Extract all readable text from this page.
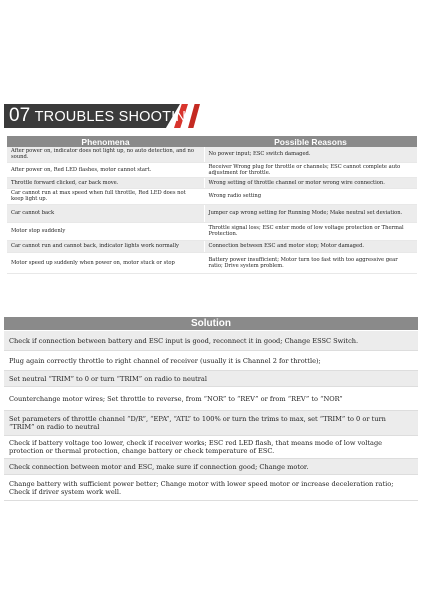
07 TROUBLES SHOOTIN
Phenomena	Possible Reasons
After power on, indicator does not light up, no auto detection, and no sound.	No power input; ESC switch damaged.
After power on, Red LED flashes, motor cannot start.	Receiver Wrong plug for throttle or channels; ESC cannot complete auto adjustment for throttle.
Throttle forward clicked, car back move.	Wrong setting of throttle channel or motor wrong wire connection.
Car cannot run at max speed when full throttle, Red LED does not keep light up.	Wrong radio setting
Car cannot back	Jumper cap wrong setting for Running Mode; Make neutral set deviation.
Motor stop suddenly	Throttle signal loss; ESC enter mode of low voltage protection or Thermal Protection.
Car cannot run and cannot back, indicator lights work normally	Connection between ESC and motor stop; Motor damaged.
Motor speed up suddenly when power on, motor stuck or stop	Battery power insufficient; Motor turn too fast with too aggressive gear ratio; Drive system problem.
Solution
Check if connection between battery and ESC input is good, reconnect it in good; Change ESSC Switch.
Plug again correctly throttle to right channel of receiver (usually it is Channel 2 for throttle);
Set neutral “TRIM” to 0 or turn “TRIM” on radio to neutral
Counterchange motor wires; Set throttle to reverse, from “NOR” to “REV” or from “REV” to “NOR”
Set parameters of throttle channel “D/R”, “EPA”, “ATL” to 100% or turn the trims to max, set “TRIM” to 0 or turn “TRIM” on radio to neutral
Check if battery voltage too lower, check if receiver works; ESC red LED flash, that means mode of low voltage protection or thermal protection, change battery or check temperature of ESC.
Check connection between motor and ESC, make sure if connection good; Change motor.
Change battery with sufficient power better; Change motor with lower speed motor or increase deceleration ratio; Check if driver system work well.
